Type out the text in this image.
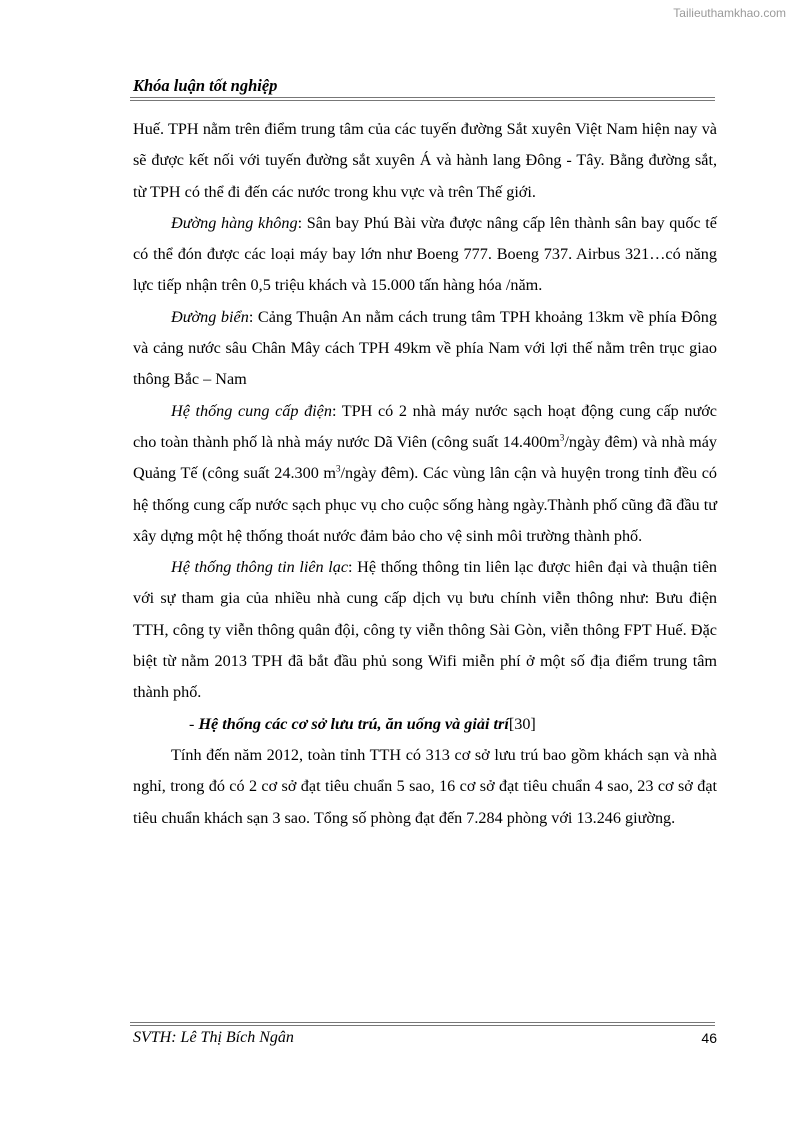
Tailieuthamkhao.com
Khóa luận tốt nghiệp

Huế. TPH nằm trên điểm trung tâm của các tuyến đường Sắt xuyên Việt Nam hiện nay và sẽ được kết nối với tuyến đường sắt xuyên Á và hành lang Đông - Tây. Bằng đường sắt, từ TPH có thể đi đến các nước trong khu vực và trên Thế giới.

Đường hàng không: Sân bay Phú Bài vừa được nâng cấp lên thành sân bay quốc tế có thể đón được các loại máy bay lớn như Boeng 777. Boeng 737. Airbus 321…có năng lực tiếp nhận trên 0,5 triệu khách và 15.000 tấn hàng hóa /năm.

Đường biển: Cảng Thuận An nằm cách trung tâm TPH khoảng 13km về phía Đông và cảng nước sâu Chân Mây cách TPH 49km về phía Nam với lợi thế nằm trên trục giao thông Bắc – Nam

Hệ thống cung cấp điện: TPH có 2 nhà máy nước sạch hoạt động cung cấp nước cho toàn thành phố là nhà máy nước Dã Viên (công suất $14.400m^3$/ngày đêm) và nhà máy Quảng Tế (công suất 24.300 $m^3$/ngày đêm). Các vùng lân cận và huyện trong tỉnh đều có hệ thống cung cấp nước sạch phục vụ cho cuộc sống hàng ngày.Thành phố cũng đã đầu tư xây dựng một hệ thống thoát nước đảm bảo cho vệ sinh môi trường thành phố.

Hệ thống thông tin liên lạc: Hệ thống thông tin liên lạc được hiên đại và thuận tiên với sự tham gia của nhiều nhà cung cấp dịch vụ bưu chính viễn thông như: Bưu điện TTH, công ty viễn thông quân đội, công ty viễn thông Sài Gòn, viễn thông FPT Huế. Đặc biệt từ nằm 2013 TPH đã bắt đầu phủ song Wifi miễn phí ở một số địa điểm trung tâm thành phố.

- Hệ thống các cơ sở lưu trú, ăn uống và giải trí[30]

Tính đến năm 2012, toàn tỉnh TTH có 313 cơ sở lưu trú bao gồm khách sạn và nhà nghỉ, trong đó có 2 cơ sở đạt tiêu chuẩn 5 sao, 16 cơ sở đạt tiêu chuẩn 4 sao, 23 cơ sở đạt tiêu chuẩn khách sạn 3 sao. Tổng số phòng đạt đến 7.284 phòng với 13.246 giường.

SVTH: Lê Thị Bích Ngân	46
